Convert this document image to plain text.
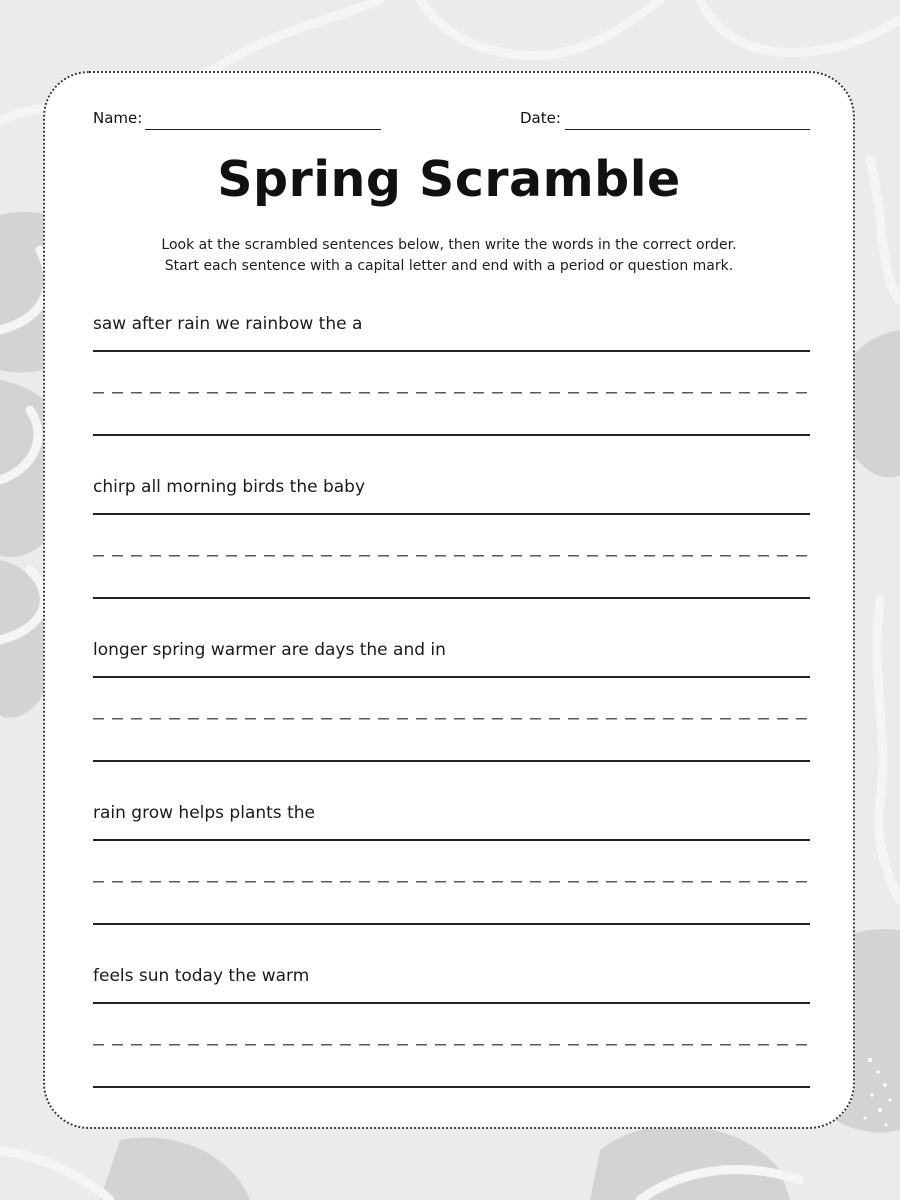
Name:	Date:
Spring Scramble
Look at the scrambled sentences below, then write the words in the correct order.
Start each sentence with a capital letter and end with a period or question mark.

saw after rain we rainbow the a

chirp all morning birds the baby

longer spring warmer are days the and in

rain grow helps plants the

feels sun today the warm
